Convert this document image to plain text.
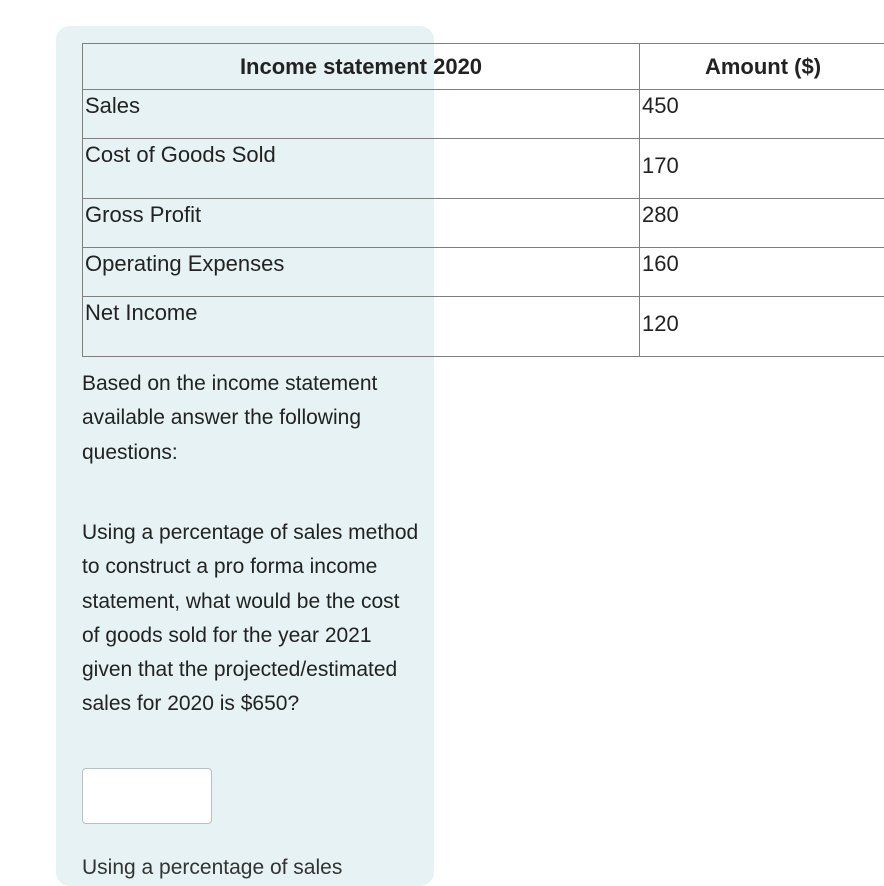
Income statement 2020	Amount ($)
Sales	450
Cost of Goods Sold	170
Gross Profit	280
Operating Expenses	160
Net Income	120

Based on the income statement available answer the following questions:

Using a percentage of sales method to construct a pro forma income statement, what would be the cost of goods sold for the year 2021 given that the projected/estimated sales for 2020 is $650?

Using a percentage of sales
